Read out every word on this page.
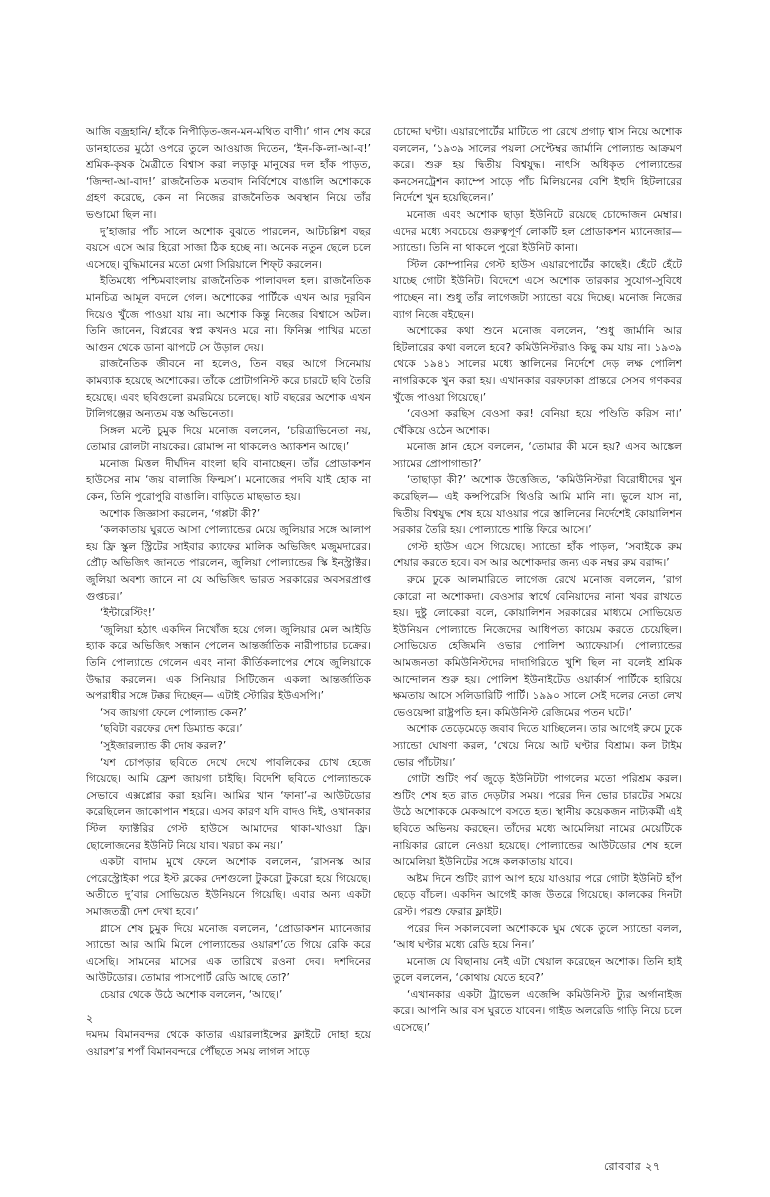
আজি বজ্রহানি/ হাঁকে নিপীড়িত-জন-মন-মথিত বাণী।’ গান শেষ করে ডানহাতের মুঠো ওপরে তুলে আওয়াজ দিতেন, ‘ইন-কি-লা-আ-ব!’ শ্রমিক-কৃষক মৈত্রীতে বিশ্বাস করা লড়াকু মানুষের দল হাঁক পাড়ত, ‘জিন্দা-আ-বাদ!’ রাজনৈতিক মতবাদ নির্বিশেষে বাঙালি অশোককে গ্রহণ করেছে, কেন না নিজের রাজনৈতিক অবস্থান নিয়ে তাঁর ভণ্ডামো ছিল না।

দু’হাজার পাঁচ সালে অশোক বুঝতে পারলেন, আটচল্লিশ বছর বয়সে এসে আর হিরো সাজা ঠিক হচ্ছে না। অনেক নতুন ছেলে চলে এসেছে। বুদ্ধিমানের মতো মেগা সিরিয়ালে শিফ্‌ট করলেন।

ইতিমধ্যে পশ্চিমবাংলায় রাজনৈতিক পালাবদল হল। রাজনৈতিক মানচিত্র আমূল বদলে গেল। অশোকের পার্টিকে এখন আর দূরবিন দিয়েও খুঁজে পাওয়া যায় না। অশোক কিন্তু নিজের বিশ্বাসে অটল। তিনি জানেন, বিপ্লবের স্বপ্ন কখনও মরে না। ফিনিক্স পাখির মতো আগুন থেকে ডানা ঝাপটে সে উড়াল দেয়।

রাজনৈতিক জীবনে না হলেও, তিন বছর আগে সিনেমায় কামব্যাক হয়েছে অশোকের। তাঁকে প্রোটাগনিস্ট করে চারটে ছবি তৈরি হয়েছে। এবং ছবিগুলো রমরমিয়ে চলেছে। ষাট বছরের অশোক এখন টালিগঞ্জের অন্যতম বস্ত অভিনেতা।

সিঙ্গল মল্টে চুমুক দিয়ে মনোজ বললেন, ‘চরিত্রাভিনেতা নয়, তোমার রোলটা নায়কের। রোমান্স না থাকলেও অ্যাকশন আছে।’

মনোজ মিত্তল দীর্ঘদিন বাংলা ছবি বানাচ্ছেন। তাঁর প্রোডাকশন হাউসের নাম ‘জয় বালাজি ফিল্মস’। মনোজের পদবি যাই হোক না কেন, তিনি পুরোপুরি বাঙালি। বাড়িতে মাছভাত হয়।

অশোক জিজ্ঞাসা করলেন, ‘গপ্পটা কী?’

‘কলকাতায় ঘুরতে আসা পোল্যান্ডের মেয়ে জুলিয়ার সঙ্গে আলাপ হয় ফ্রি স্কুল স্ট্রিটের সাইবার ক্যাফের মালিক অভিজিৎ মজুমদারের। প্রৌঢ় অভিজিৎ জানতে পারলেন, জুলিয়া পোল্যান্ডের স্কি ইনস্ট্রাক্টর। জুলিয়া অবশ্য জানে না যে অভিজিৎ ভারত সরকারের অবসরপ্রাপ্ত গুপ্তচর।’

‘ইন্টারেস্টিং!’

‘জুলিয়া হঠাৎ একদিন নিখোঁজ হয়ে গেল। জুলিয়ার মেল আইডি হ্যাক করে অভিজিৎ সন্ধান পেলেন আন্তর্জাতিক নারীপাচার চক্রের। তিনি পোল্যান্ডে গেলেন এবং নানা কীর্তিকলাপের শেষে জুলিয়াকে উদ্ধার করলেন। এক সিনিয়ার সিটিজেন একলা আন্তর্জাতিক অপরাধীর সঙ্গে টক্কর দিচ্ছেন— এটাই স্টোরির ইউএসপি।’

‘সব জায়গা ফেলে পোল্যান্ড কেন?’

‘ছবিটা বরফের দেশ ডিম্যান্ড করে।’

‘সুইজারল্যান্ড কী দোষ করল?’

‘যশ চোপড়ার ছবিতে দেখে দেখে পাবলিকের চোখ হেজে গিয়েছে। আমি ফ্রেশ জায়গা চাইছি। বিদেশি ছবিতে পোল্যান্ডকে সেভাবে এক্সপ্লোর করা হয়নি। আমির খান ‘ফানা’-র আউটডোর করেছিলেন জাকোপান শহরে। এসব কারণ যদি বাদও দিই, ওখানকার স্টিল ফ্যাক্টরির গেস্ট হাউসে আমাদের থাকা-খাওয়া ফ্রি। ছোলোজনের ইউনিট নিয়ে যাব। খরচা কম নয়।’

একটা বাদাম মুখে ফেলে অশোক বললেন, ‘রাসনস্ক আর পেরেস্ট্রোইকা পরে ইস্ট ব্লকের দেশগুলো টুকরো টুকরো হয়ে গিয়েছে। অতীতে দু’বার সোভিয়েত ইউনিয়নে গিয়েছি। এবার অন্য একটা সমাজতন্ত্রী দেশ দেখা হবে।’

গ্লাসে শেষ চুমুক দিয়ে মনোজ বললেন, ‘প্রোডাকশন ম্যানেজার স্যান্ডো আর আমি মিলে পোল্যান্ডের ওয়ারশ’তে গিয়ে রেকি করে এসেছি। সামনের মাসের এক তারিখে রওনা দেব। দশদিনের আউটডোর। তোমার পাসপোর্ট রেডি আছে তো?’

চেয়ার থেকে উঠে অশোক বললেন, ‘আছে।’

২

দমদম বিমানবন্দর থেকে কাতার এয়ারলাইন্সের ফ্লাইটে দোহা হয়ে ওয়ারশ’র শপাঁ বিমানবন্দরে পৌঁছতে সময় লাগল সাড়ে

চোদ্দো ঘণ্টা। এয়ারপোর্টের মাটিতে পা রেখে প্রগাঢ় শ্বাস নিয়ে অশোক বললেন, ‘১৯৩৯ সালের পয়লা সেপ্টেম্বর জার্মানি পোল্যান্ড আক্রমণ করে। শুরু হয় দ্বিতীয় বিশ্বযুদ্ধ। নাৎসি অধিকৃত পোল্যান্ডের কনসেনট্রেশন ক্যাম্পে সাড়ে পাঁচ মিলিয়নের বেশি ইহুদি হিটলারের নির্দেশে খুন হয়েছিলেন।’

মনোজ এবং অশোক ছাড়া ইউনিটে রয়েছে চোদ্দোজন মেম্বার। এদের মধ্যে সবচেয়ে গুরুত্বপূর্ণ লোকটি হল প্রোডাকশন ম্যানেজার— স্যান্ডো। তিনি না থাকলে পুরো ইউনিট কানা।

স্টিল কোম্পানির গেস্ট হাউস এয়ারপোর্টের কাছেই। হেঁটে হেঁটে যাচ্ছে গোটা ইউনিট। বিদেশে এসে অশোক তারকার সুযোগ-সুবিধে পাচ্ছেন না। শুধু তাঁর লাগেজটা স্যান্ডো বয়ে দিচ্ছে। মনোজ নিজের ব্যাগ নিজে বইছেন।

অশোকের কথা শুনে মনোজ বললেন, ‘শুধু জার্মানি আর হিটলারের কথা বললে হবে? কমিউনিস্টরাও কিছু কম যায় না। ১৯৩৯ থেকে ১৯৪১ সালের মধ্যে স্তালিনের নির্দেশে দেড় লক্ষ পোলিশ নাগরিককে খুন করা হয়। এখানকার বরফঢাকা প্রান্তরে সেসব গণকবর খুঁজে পাওয়া গিয়েছে।’

‘বেওসা করছিস বেওসা কর! বেনিয়া হয়ে পণ্ডিতি করিস না।’ খেঁকিয়ে ওঠেন অশোক।

মনোজ ম্লান হেসে বললেন, ‘তোমার কী মনে হয়? এসব আঙ্কেল স্যামের প্রোপাগান্ডা?’

‘তাছাড়া কী?’ অশোক উত্তেজিত, ‘কমিউনিস্টরা বিরোধীদের খুন করেছিল— এই কন্সপিরেসি থিওরি আমি মানি না। ভুলে যাস না, দ্বিতীয় বিশ্বযুদ্ধ শেষ হয়ে যাওয়ার পরে স্তালিনের নির্দেশেই কোয়ালিশন সরকার তৈরি হয়। পোল্যান্ডে শান্তি ফিরে আসে।’

গেস্ট হাউস এসে গিয়েছে। স্যান্ডো হাঁক পাড়ল, ‘সবাইকে রুম শেয়ার করতে হবে। বস আর অশোকদার জন্য এক নম্বর রুম বরাদ্দ।’

রুমে ঢুকে আলমারিতে লাগেজ রেখে মনোজ বললেন, ‘রাগ কোরো না অশোকদা। বেওসার স্বার্থে বেনিয়াদের নানা খবর রাখতে হয়। দুষ্টু লোকেরা বলে, কোয়ালিশন সরকারের মাধ্যমে সোভিয়েত ইউনিয়ন পোল্যান্ডে নিজেদের আধিপত্য কায়েম করতে চেয়েছিল। সোভিয়েত হেজিমনি ওভার পোলিশ অ্যাফেয়ার্স। পোল্যান্ডের আমজনতা কমিউনিস্টদের দাদাগিরিতে খুশি ছিল না বলেই শ্রমিক আন্দোলন শুরু হয়। পোলিশ ইউনাইটেড ওয়ার্কার্স পার্টিকে হারিয়ে ক্ষমতায় আসে সলিডারিটি পার্টি। ১৯৯০ সালে সেই দলের নেতা লেখ ভেওয়েন্সা রাষ্ট্রপতি হন। কমিউনিস্ট রেজিমের পতন ঘটে।’

অশোক তেড়েমেড়ে জবাব দিতে যাচ্ছিলেন। তার আগেই রুমে ঢুকে স্যান্ডো ঘোষণা করল, ‘খেয়ে নিয়ে আট ঘণ্টার বিশ্রাম। কল টাইম ভোর পাঁচটায়।’

গোটা শুটিং পর্ব জুড়ে ইউনিটটা পাগলের মতো পরিশ্রম করল। শুটিং শেষ হত রাত দেড়টার সময়। পরের দিন ভোর চারটের সময়ে উঠে অশোককে মেকআপে বসতে হত। স্থানীয় কয়েকজন নাট্যকর্মী এই ছবিতে অভিনয় করছেন। তাঁদের মধ্যে আমেলিয়া নামের মেয়েটিকে নায়িকার রোলে নেওয়া হয়েছে। পোল্যান্ডের আউটডোর শেষ হলে আমেলিয়া ইউনিটের সঙ্গে কলকাতায় যাবে।

অষ্টম দিনে শুটিং র‍্যাপ আপ হয়ে যাওয়ার পরে গোটা ইউনিট হাঁপ ছেড়ে বাঁচল। একদিন আগেই কাজ উতরে গিয়েছে। কালকের দিনটা রেস্ট। পরশু ফেরার ফ্লাইট।

পরের দিন সকালবেলা অশোককে ঘুম থেকে তুলে স্যান্ডো বলল, ‘আধ ঘণ্টার মধ্যে রেডি হয়ে নিন।’

মনোজ যে বিছানায় নেই এটা খেয়াল করেছেন অশোক। তিনি হাই তুলে বললেন, ‘কোথায় যেতে হবে?’

‘এখানকার একটা ট্রাভেল এজেন্সি কমিউনিস্ট ট্যুর অর্গানাইজ করে। আপনি আর বস ঘুরতে যাবেন। গাইড অলরেডি গাড়ি নিয়ে চলে এসেছে।’

রোববার ২৭
